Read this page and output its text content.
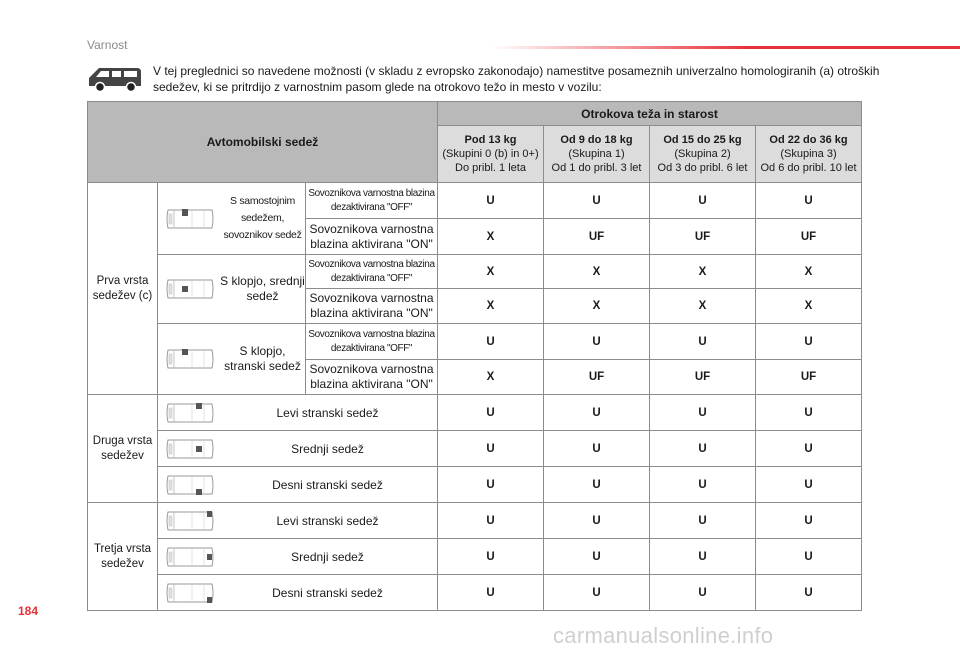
Varnost
V tej preglednici so navedene možnosti (v skladu z evropsko zakonodajo) namestitve posameznih univerzalno homologiranih (a) otroških sedežev, ki se pritrdijo z varnostnim pasom glede na otrokovo težo in mesto v vozilu:
Avtomobilski sedež			Otrokova teža in starost			
			Pod 13 kg
(Skupini 0 (b) in 0+)
Do pribl. 1 leta	Od 9 do 18 kg
(Skupina 1)
Od 1 do pribl. 3 let	Od 15 do 25 kg
(Skupina 2)
Od 3 do pribl. 6 let	Od 22 do 36 kg
(Skupina 3)
Od 6 do pribl. 10 let
Prva vrsta sedežev (c)	S samostojnim sedežem, sovoznikov sedež	Sovoznikova varnostna blazina dezaktivirana "OFF"	U	U	U	U
		Sovoznikova varnostna blazina aktivirana "ON"	X	UF	UF	UF

	S klopjo, srednji sedež	Sovoznikova varnostna blazina dezaktivirana "OFF"	X	X	X	X
		Sovoznikova varnostna blazina aktivirana "ON"	X	X	X	X

	S klopjo, stranski sedež	Sovoznikova varnostna blazina dezaktivirana "OFF"	U	U	U	U
		Sovoznikova varnostna blazina aktivirana "ON"	X	UF	UF	UF
Druga vrsta sedežev	Levi stranski sedež		U	U	U	U

	Srednji sedež		U	U	U	U

	Desni stranski sedež		U	U	U	U
Tretja vrsta sedežev	Levi stranski sedež		U	U	U	U

	Srednji sedež		U	U	U	U

	Desni stranski sedež		U	U	U	U
184
carmanualsonline.info
